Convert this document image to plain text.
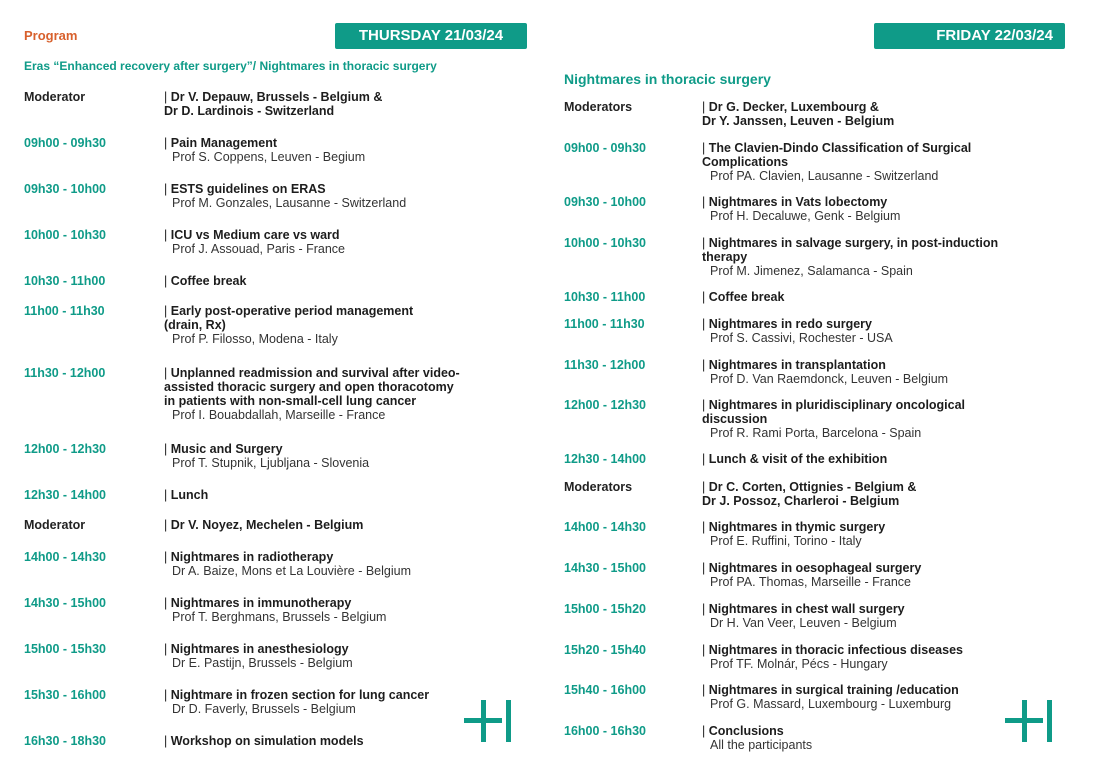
Program	THURSDAY 21/03/24	FRIDAY 22/03/24
Eras “Enhanced recovery after surgery”/ Nightmares in thoracic surgery
Nightmares in thoracic surgery
Moderator	| Dr V. Depauw, Brussels - Belgium &
Dr D. Lardinois - Switzerland
09h00 - 09h30	| Pain Management
Prof S. Coppens, Leuven - Begium
09h30 - 10h00	| ESTS guidelines on ERAS
Prof M. Gonzales, Lausanne - Switzerland
10h00 - 10h30	| ICU vs Medium care vs ward
Prof J. Assouad, Paris - France
10h30 - 11h00	| Coffee break
11h00 - 11h30	| Early post-operative period management
(drain, Rx)
Prof P. Filosso, Modena - Italy
11h30 - 12h00	| Unplanned readmission and survival after video-
assisted thoracic surgery and open thoracotomy
in patients with non-small-cell lung cancer
Prof I. Bouabdallah, Marseille - France
12h00 - 12h30	| Music and Surgery
Prof T. Stupnik, Ljubljana - Slovenia
12h30 - 14h00	| Lunch
Moderator	| Dr V. Noyez, Mechelen - Belgium
14h00 - 14h30	| Nightmares in radiotherapy
Dr A. Baize, Mons et La Louvière - Belgium
14h30 - 15h00	| Nightmares in immunotherapy
Prof T. Berghmans, Brussels - Belgium
15h00 - 15h30	| Nightmares in anesthesiology
Dr E. Pastijn, Brussels - Belgium
15h30 - 16h00	| Nightmare in frozen section for lung cancer
Dr D. Faverly, Brussels - Belgium
16h30 - 18h30	| Workshop on simulation models
Moderators	| Dr G. Decker, Luxembourg &
Dr Y. Janssen, Leuven - Belgium
09h00 - 09h30	| The Clavien-Dindo Classification of Surgical
Complications
Prof PA. Clavien, Lausanne - Switzerland
09h30 - 10h00	| Nightmares in Vats lobectomy
Prof H. Decaluwe, Genk - Belgium
10h00 - 10h30	| Nightmares in salvage surgery, in post-induction
therapy
Prof M. Jimenez, Salamanca - Spain
10h30 - 11h00	| Coffee break
11h00 - 11h30	| Nightmares in redo surgery
Prof S. Cassivi, Rochester - USA
11h30 - 12h00	| Nightmares in transplantation
Prof D. Van Raemdonck, Leuven - Belgium
12h00 - 12h30	| Nightmares in pluridisciplinary oncological
discussion
Prof R. Rami Porta, Barcelona - Spain
12h30 - 14h00	| Lunch & visit of the exhibition
Moderators	| Dr C. Corten, Ottignies - Belgium &
Dr J. Possoz, Charleroi - Belgium
14h00 - 14h30	| Nightmares in thymic surgery
Prof E. Ruffini, Torino - Italy
14h30 - 15h00	| Nightmares in oesophageal surgery
Prof PA. Thomas, Marseille - France
15h00 - 15h20	| Nightmares in chest wall surgery
Dr H. Van Veer, Leuven - Belgium
15h20 - 15h40	| Nightmares in thoracic infectious diseases
Prof TF. Molnár, Pécs - Hungary
15h40 - 16h00	| Nightmares in surgical training /education
Prof G. Massard, Luxembourg - Luxemburg
16h00 - 16h30	| Conclusions
All the participants
